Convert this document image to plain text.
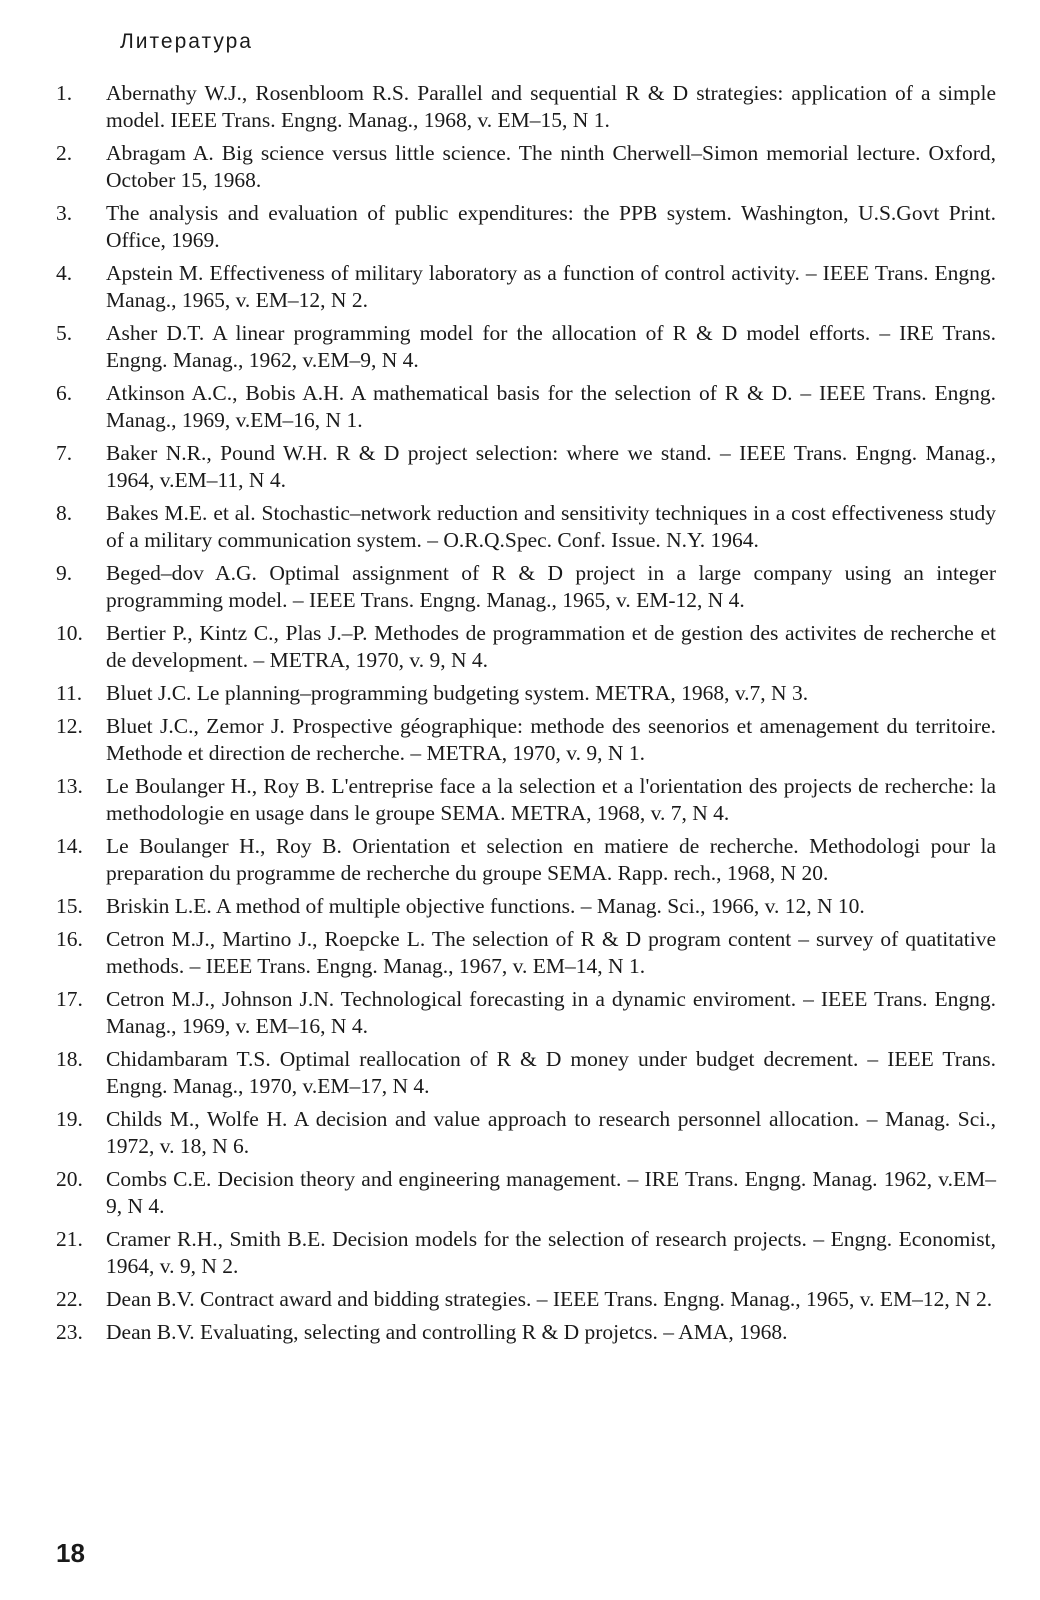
Литература
1.	Abernathy W.J., Rosenbloom R.S. Parallel and sequential R & D strategies: application of a simple model. IEEE Trans. Engng. Manag., 1968, v. EM–15, N 1.
2.	Abragam A. Big science versus little science. The ninth Cherwell–Simon memorial lecture. Oxford, October 15, 1968.
3.	The analysis and evaluation of public expenditures: the PPB system. Washington, U.S.Govt Print. Office, 1969.
4.	Apstein M. Effectiveness of military laboratory as a function of control activity. – IEEE Trans. Engng. Manag., 1965, v. EM–12, N 2.
5.	Asher D.T. A linear programming model for the allocation of R & D model efforts. – IRE Trans. Engng. Manag., 1962, v.EM–9, N 4.
6.	Atkinson A.C., Bobis A.H. A mathematical basis for the selection of R & D. – IEEE Trans. Engng. Manag., 1969, v.EM–16, N 1.
7.	Baker N.R., Pound W.H. R & D project selection: where we stand. – IEEE Trans. Engng. Manag., 1964, v.EM–11, N 4.
8.	Bakes M.E. et al. Stochastic–network reduction and sensitivity techniques in a cost effectiveness study of a military communication system. – O.R.Q.Spec. Conf. Issue. N.Y. 1964.
9.	Beged–dov A.G. Optimal assignment of R & D project in a large company using an integer programming model. – IEEE Trans. Engng. Manag., 1965, v. EM-12, N 4.
10.	Bertier P., Kintz C., Plas J.–P. Methodes de programmation et de gestion des activites de recherche et de development. – METRA, 1970, v. 9, N 4.
11.	Bluet J.C. Le planning–programming budgeting system. METRA, 1968, v.7, N 3.
12.	Bluet J.C., Zemor J. Prospective géographique: methode des seenorios et amenagement du territoire. Methode et direction de recherche. – METRA, 1970, v. 9, N 1.
13.	Le Boulanger H., Roy B. L'entreprise face a la selection et a l'orientation des projects de recherche: la methodologie en usage dans le groupe SEMA. METRA, 1968, v. 7, N 4.
14.	Le Boulanger H., Roy B. Orientation et selection en matiere de recherche. Methodologi pour la preparation du programme de recherche du groupe SEMA. Rapp. rech., 1968, N 20.
15.	Briskin L.E. A method of multiple objective functions. – Manag. Sci., 1966, v. 12, N 10.
16.	Cetron M.J., Martino J., Roepcke L. The selection of R & D program content – survey of quatitative methods. – IEEE Trans. Engng. Manag., 1967, v. EM–14, N 1.
17.	Cetron M.J., Johnson J.N. Technological forecasting in a dynamic enviroment. – IEEE Trans. Engng. Manag., 1969, v. EM–16, N 4.
18.	Chidambaram T.S. Optimal reallocation of R & D money under budget decrement. – IEEE Trans. Engng. Manag., 1970, v.EM–17, N 4.
19.	Childs M., Wolfe H. A decision and value approach to research personnel allocation. – Manag. Sci., 1972, v. 18, N 6.
20.	Combs C.E. Decision theory and engineering management. – IRE Trans. Engng. Manag. 1962, v.EM–9, N 4.
21.	Cramer R.H., Smith B.E. Decision models for the selection of research projects. – Engng. Economist, 1964, v. 9, N 2.
22.	Dean B.V. Contract award and bidding strategies. – IEEE Trans. Engng. Manag., 1965, v. EM–12, N 2.
23.	Dean B.V. Evaluating, selecting and controlling R & D projetcs. – AMA, 1968.
18
